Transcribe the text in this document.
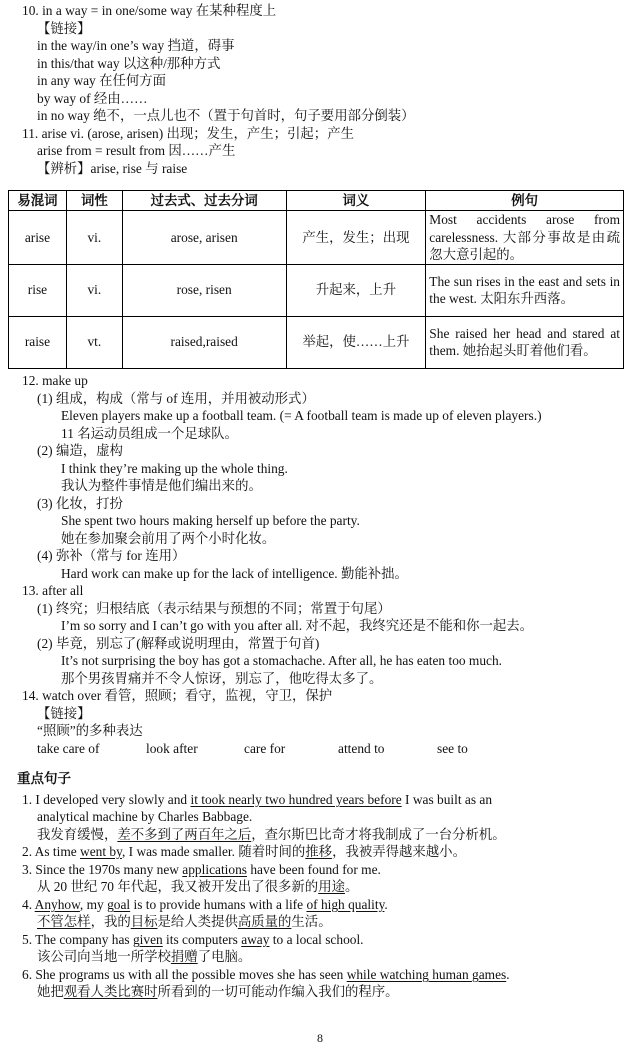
10. in a way = in one/some way 在某种程度上
【链接】
in the way/in one’s way 挡道，碍事
in this/that way 以这种/那种方式
in any way 在任何方面
by way of 经由……
in no way 绝不，一点儿也不（置于句首时，句子要用部分倒装）
11. arise vi. (arose, arisen) 出现；发生，产生；引起；产生
arise from = result from 因……产生
【辨析】arise, rise 与 raise
易混词	词性	过去式、过去分词	词义	例句
arise	vi.	arose, arisen	产生，发生；出现	Most accidents arose from carelessness. 大部分事故是由疏忽大意引起的。
rise	vi.	rose, risen	升起来，上升	The sun rises in the east and sets in the west. 太阳东升西落。
raise	vt.	raised,raised	举起，使……上升	She raised her head and stared at them. 她抬起头盯着他们看。
12. make up
(1) 组成，构成（常与 of 连用，并用被动形式）
Eleven players make up a football team. (= A football team is made up of eleven players.)
11 名运动员组成一个足球队。
(2) 编造，虚构
I think they’re making up the whole thing.
我认为整件事情是他们编出来的。
(3) 化妆，打扮
She spent two hours making herself up before the party.
她在参加聚会前用了两个小时化妆。
(4) 弥补（常与 for 连用）
Hard work can make up for the lack of intelligence. 勤能补拙。
13. after all
(1) 终究；归根结底（表示结果与预想的不同；常置于句尾）
I’m so sorry and I can’t go with you after all. 对不起，我终究还是不能和你一起去。
(2) 毕竟，别忘了(解释或说明理由，常置于句首)
It’s not surprising the boy has got a stomachache. After all, he has eaten too much.
那个男孩胃痛并不令人惊讶，别忘了，他吃得太多了。
14. watch over 看管，照顾；看守，监视，守卫，保护
【链接】
“照顾”的多种表达
take care of	look after	care for	attend to	see to
重点句子
1. I developed very slowly and it took nearly two hundred years before I was built as an
analytical machine by Charles Babbage.
我发育缓慢，差不多到了两百年之后，查尔斯巴比奇才将我制成了一台分析机。
2. As time went by, I was made smaller. 随着时间的推移，我被弄得越来越小。
3. Since the 1970s many new applications have been found for me.
从 20 世纪 70 年代起，我又被开发出了很多新的用途。
4. Anyhow, my goal is to provide humans with a life of high quality.
不管怎样，我的目标是给人类提供高质量的生活。
5. The company has given its computers away to a local school.
该公司向当地一所学校捐赠了电脑。
6. She programs us with all the possible moves she has seen while watching human games.
她把观看人类比赛时所看到的一切可能动作编入我们的程序。
8
